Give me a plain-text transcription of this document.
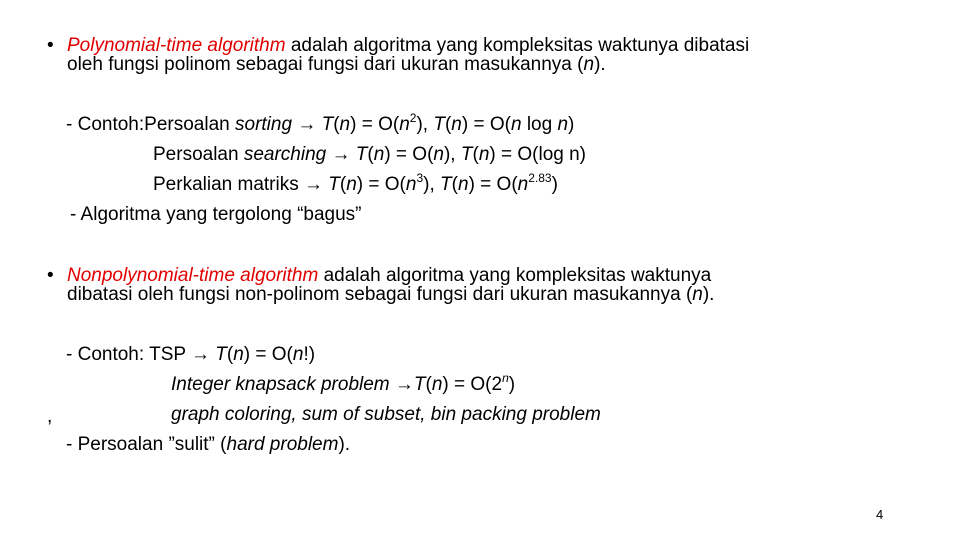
• Polynomial-time algorithm adalah algoritma yang kompleksitas waktunya dibatasi
oleh fungsi polinom sebagai fungsi dari ukuran masukannya (n).
- Contoh:Persoalan sorting → $T(n) = O(n^2)$, T(n) = O(n log n)
Persoalan searching → T(n) = O(n), T(n) = O(log n)
Perkalian matriks → $T(n) = O(n^3)$, $T(n) = O(n^{2.83})$
- Algoritma yang tergolong “bagus”
• Nonpolynomial-time algorithm adalah algoritma yang kompleksitas waktunya
dibatasi oleh fungsi non-polinom sebagai fungsi dari ukuran masukannya (n).
- Contoh: TSP → T(n) = O(n!)
Integer knapsack problem $\to T(n) = O(2^n)$
,	graph coloring, sum of subset, bin packing problem
- Persoalan ”sulit” (hard problem).
4
